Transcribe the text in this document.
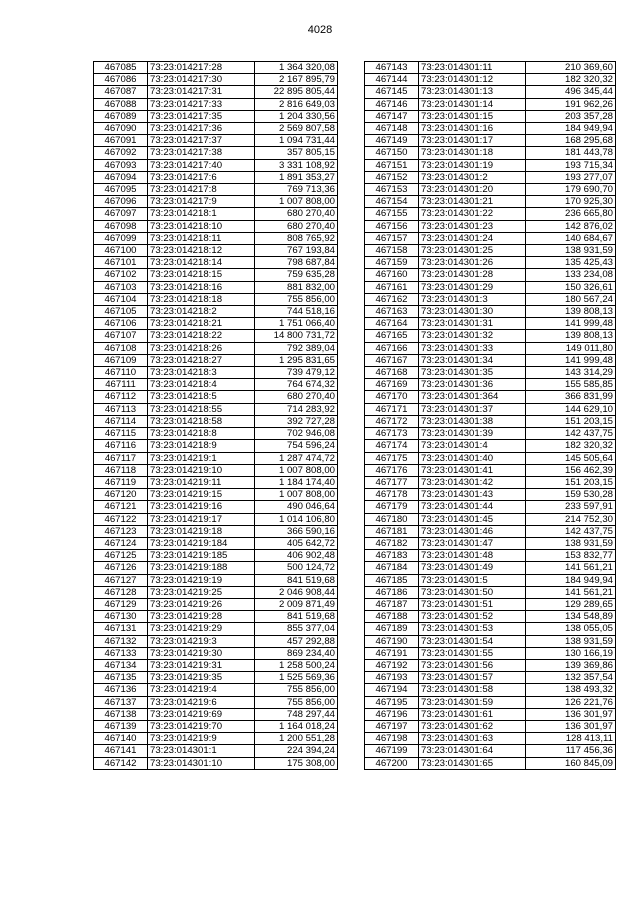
4028
467085	73:23:014217:28	1 364 320,08
467086	73:23:014217:30	2 167 895,79
467087	73:23:014217:31	22 895 805,44
467088	73:23:014217:33	2 816 649,03
467089	73:23:014217:35	1 204 330,56
467090	73:23:014217:36	2 569 807,58
467091	73:23:014217:37	1 094 731,44
467092	73:23:014217:38	357 805,15
467093	73:23:014217:40	3 331 108,92
467094	73:23:014217:6	1 891 353,27
467095	73:23:014217:8	769 713,36
467096	73:23:014217:9	1 007 808,00
467097	73:23:014218:1	680 270,40
467098	73:23:014218:10	680 270,40
467099	73:23:014218:11	808 765,92
467100	73:23:014218:12	767 193,84
467101	73:23:014218:14	798 687,84
467102	73:23:014218:15	759 635,28
467103	73:23:014218:16	881 832,00
467104	73:23:014218:18	755 856,00
467105	73:23:014218:2	744 518,16
467106	73:23:014218:21	1 751 066,40
467107	73:23:014218:22	14 800 731,72
467108	73:23:014218:26	792 389,04
467109	73:23:014218:27	1 295 831,65
467110	73:23:014218:3	739 479,12
467111	73:23:014218:4	764 674,32
467112	73:23:014218:5	680 270,40
467113	73:23:014218:55	714 283,92
467114	73:23:014218:58	392 727,28
467115	73:23:014218:8	702 946,08
467116	73:23:014218:9	754 596,24
467117	73:23:014219:1	1 287 474,72
467118	73:23:014219:10	1 007 808,00
467119	73:23:014219:11	1 184 174,40
467120	73:23:014219:15	1 007 808,00
467121	73:23:014219:16	490 046,64
467122	73:23:014219:17	1 014 106,80
467123	73:23:014219:18	366 590,16
467124	73:23:014219:184	405 642,72
467125	73:23:014219:185	406 902,48
467126	73:23:014219:188	500 124,72
467127	73:23:014219:19	841 519,68
467128	73:23:014219:25	2 046 908,44
467129	73:23:014219:26	2 009 871,49
467130	73:23:014219:28	841 519,68
467131	73:23:014219:29	855 377,04
467132	73:23:014219:3	457 292,88
467133	73:23:014219:30	869 234,40
467134	73:23:014219:31	1 258 500,24
467135	73:23:014219:35	1 525 569,36
467136	73:23:014219:4	755 856,00
467137	73:23:014219:6	755 856,00
467138	73:23:014219:69	748 297,44
467139	73:23:014219:70	1 164 018,24
467140	73:23:014219:9	1 200 551,28
467141	73:23:014301:1	224 394,24
467142	73:23:014301:10	175 308,00
467143	73:23:014301:11	210 369,60
467144	73:23:014301:12	182 320,32
467145	73:23:014301:13	496 345,44
467146	73:23:014301:14	191 962,26
467147	73:23:014301:15	203 357,28
467148	73:23:014301:16	184 949,94
467149	73:23:014301:17	168 295,68
467150	73:23:014301:18	181 443,78
467151	73:23:014301:19	193 715,34
467152	73:23:014301:2	193 277,07
467153	73:23:014301:20	179 690,70
467154	73:23:014301:21	170 925,30
467155	73:23:014301:22	236 665,80
467156	73:23:014301:23	142 876,02
467157	73:23:014301:24	140 684,67
467158	73:23:014301:25	138 931,59
467159	73:23:014301:26	135 425,43
467160	73:23:014301:28	133 234,08
467161	73:23:014301:29	150 326,61
467162	73:23:014301:3	180 567,24
467163	73:23:014301:30	139 808,13
467164	73:23:014301:31	141 999,48
467165	73:23:014301:32	139 808,13
467166	73:23:014301:33	149 011,80
467167	73:23:014301:34	141 999,48
467168	73:23:014301:35	143 314,29
467169	73:23:014301:36	155 585,85
467170	73:23:014301:364	366 831,99
467171	73:23:014301:37	144 629,10
467172	73:23:014301:38	151 203,15
467173	73:23:014301:39	142 437,75
467174	73:23:014301:4	182 320,32
467175	73:23:014301:40	145 505,64
467176	73:23:014301:41	156 462,39
467177	73:23:014301:42	151 203,15
467178	73:23:014301:43	159 530,28
467179	73:23:014301:44	233 597,91
467180	73:23:014301:45	214 752,30
467181	73:23:014301:46	142 437,75
467182	73:23:014301:47	138 931,59
467183	73:23:014301:48	153 832,77
467184	73:23:014301:49	141 561,21
467185	73:23:014301:5	184 949,94
467186	73:23:014301:50	141 561,21
467187	73:23:014301:51	129 289,65
467188	73:23:014301:52	134 548,89
467189	73:23:014301:53	138 055,05
467190	73:23:014301:54	138 931,59
467191	73:23:014301:55	130 166,19
467192	73:23:014301:56	139 369,86
467193	73:23:014301:57	132 357,54
467194	73:23:014301:58	138 493,32
467195	73:23:014301:59	126 221,76
467196	73:23:014301:61	136 301,97
467197	73:23:014301:62	136 301,97
467198	73:23:014301:63	128 413,11
467199	73:23:014301:64	117 456,36
467200	73:23:014301:65	160 845,09
